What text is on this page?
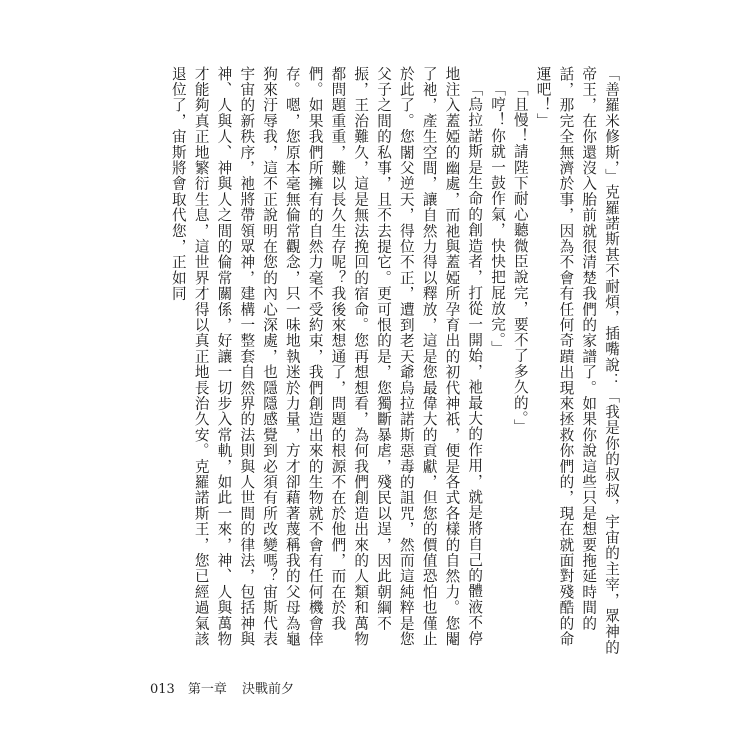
「善羅米修斯，」克羅諾斯甚不耐煩，插嘴說：「我是你的叔叔，宇宙的主宰，眾神的帝王，在你還沒入胎前就很清楚我們的家譜了。如果你說這些只是想要拖延時間的話，那完全無濟於事，因為不會有任何奇蹟出現來拯救你們的，現在就面對殘酷的命運吧！」

「且慢！請陛下耐心聽微臣說完，要不了多久的。」

「哼！你就一鼓作氣，快快把屁放完。」

「烏拉諾斯是生命的創造者，打從一開始，祂最大的作用，就是將自己的體液不停地注入蓋婭的幽處，而祂與蓋婭所孕育出的初代神祇，便是各式各樣的自然力。您閹了祂，產生空間，讓自然力得以釋放，這是您最偉大的貢獻，但您的價值恐怕也僅止於此了。您闍父逆天，得位不正，遭到老天爺烏拉諾斯惡毒的詛咒，然而這純粹是您父子之間的私事，且不去提它。更可恨的是，您獨斷暴虐，殘民以逞，因此朝綱不振，王治難久，這是無法挽回的宿命。您再想想看，為何我們創造出來的人類和萬物都問題重重，難以長久生存呢？我後來想通了，問題的根源不在於他們，而在於我們。如果我們所擁有的自然力毫不受約束，我們創造出來的生物就不會有任何機會倖存。嗯，您原本毫無倫常觀念，只一味地執迷於力量，方才卻藉著蔑稱我的父母為龜狗來汙辱我，這不正說明在您的內心深處，也隱隱感覺到必須有所改變嗎？宙斯代表宇宙的新秩序，祂將帶領眾神，建構一整套自然界的法則與人世間的律法，包括神與神、人與人、神與人之間的倫常關係，好讓一切步入常軌，如此一來，神、人與萬物才能夠真正地繁衍生息，這世界才得以真正地長治久安。克羅諾斯王，您已經過氣該退位了，宙斯將會取代您，正如同

013 第一章 決戰前夕
